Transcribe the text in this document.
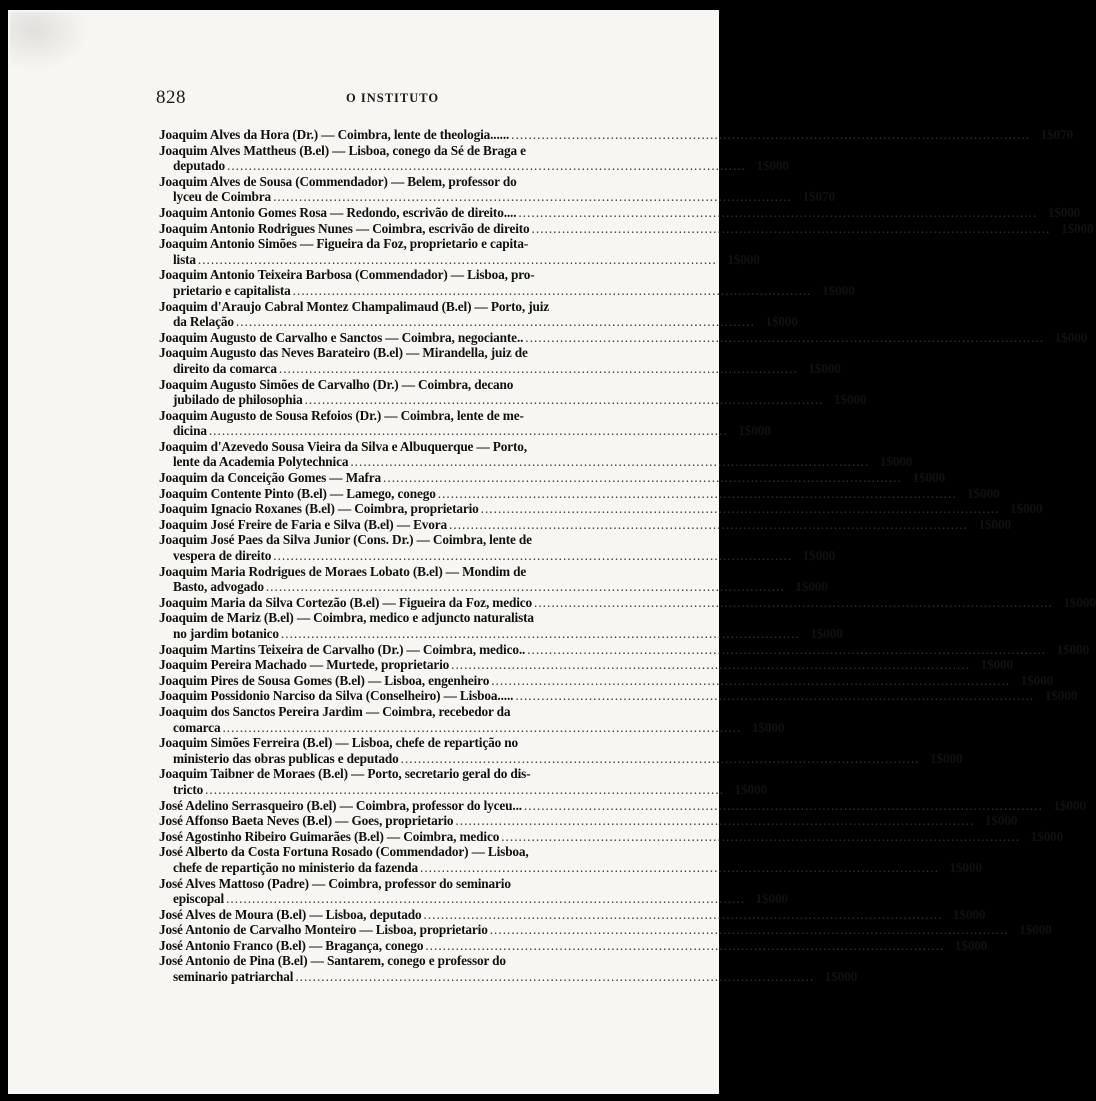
828	O INSTITUTO
Joaquim Alves da Hora (Dr.) — Coimbra, lente de theologia...... ........................................................................................................................ 1$070
Joaquim Alves Mattheus (B.el) — Lisboa, conego da Sé de Braga e
deputado ........................................................................................................................ 1$000
Joaquim Alves de Sousa (Commendador) — Belem, professor do
lyceu de Coimbra ........................................................................................................................ 1$070
Joaquim Antonio Gomes Rosa — Redondo, escrivão de direito.... ........................................................................................................................ 1$000
Joaquim Antonio Rodrigues Nunes — Coimbra, escrivão de direito ........................................................................................................................ 1$000
Joaquim Antonio Simões — Figueira da Foz, proprietario e capita-
lista ........................................................................................................................ 1$000
Joaquim Antonio Teixeira Barbosa (Commendador) — Lisboa, pro-
prietario e capitalista ........................................................................................................................ 1$000
Joaquim d'Araujo Cabral Montez Champalimaud (B.el) — Porto, juiz
da Relação ........................................................................................................................ 1$000
Joaquim Augusto de Carvalho e Sanctos — Coimbra, negociante.. ........................................................................................................................ 1$000
Joaquim Augusto das Neves Barateiro (B.el) — Mirandella, juiz de
direito da comarca ........................................................................................................................ 1$000
Joaquim Augusto Simões de Carvalho (Dr.) — Coimbra, decano
jubilado de philosophia ........................................................................................................................ 1$000
Joaquim Augusto de Sousa Refoios (Dr.) — Coimbra, lente de me-
dicina ........................................................................................................................ 1$000
Joaquim d'Azevedo Sousa Vieira da Silva e Albuquerque — Porto,
lente da Academia Polytechnica ........................................................................................................................ 1$000
Joaquim da Conceição Gomes — Mafra ........................................................................................................................ 1$000
Joaquim Contente Pinto (B.el) — Lamego, conego ........................................................................................................................ 1$000
Joaquim Ignacio Roxanes (B.el) — Coimbra, proprietario ........................................................................................................................ 1$000
Joaquim José Freire de Faria e Silva (B.el) — Evora ........................................................................................................................ 1$000
Joaquim José Paes da Silva Junior (Cons. Dr.) — Coimbra, lente de
vespera de direito ........................................................................................................................ 1$000
Joaquim Maria Rodrigues de Moraes Lobato (B.el) — Mondim de
Basto, advogado ........................................................................................................................ 1$000
Joaquim Maria da Silva Cortezão (B.el) — Figueira da Foz, medico ........................................................................................................................ 1$000
Joaquim de Mariz (B.el) — Coimbra, medico e adjuncto naturalista
no jardim botanico ........................................................................................................................ 1$000
Joaquim Martins Teixeira de Carvalho (Dr.) — Coimbra, medico.. ........................................................................................................................ 1$000
Joaquim Pereira Machado — Murtede, proprietario ........................................................................................................................ 1$000
Joaquim Pires de Sousa Gomes (B.el) — Lisboa, engenheiro ........................................................................................................................ 1$000
Joaquim Possidonio Narciso da Silva (Conselheiro) — Lisboa..... ........................................................................................................................ 1$000
Joaquim dos Sanctos Pereira Jardim — Coimbra, recebedor da
comarca ........................................................................................................................ 1$000
Joaquim Simões Ferreira (B.el) — Lisboa, chefe de repartição no
ministerio das obras publicas e deputado ........................................................................................................................ 1$000
Joaquim Taibner de Moraes (B.el) — Porto, secretario geral do dis-
tricto ........................................................................................................................ 1$000
José Adelino Serrasqueiro (B.el) — Coimbra, professor do lyceu... ........................................................................................................................ 1$000
José Affonso Baeta Neves (B.el) — Goes, proprietario ........................................................................................................................ 1$000
José Agostinho Ribeiro Guimarães (B.el) — Coimbra, medico ........................................................................................................................ 1$000
José Alberto da Costa Fortuna Rosado (Commendador) — Lisboa,
chefe de repartição no ministerio da fazenda ........................................................................................................................ 1$000
José Alves Mattoso (Padre) — Coimbra, professor do seminario
episcopal ........................................................................................................................ 1$000
José Alves de Moura (B.el) — Lisboa, deputado ........................................................................................................................ 1$000
José Antonio de Carvalho Monteiro — Lisboa, proprietario ........................................................................................................................ 1$000
José Antonio Franco (B.el) — Bragança, conego ........................................................................................................................ 1$000
José Antonio de Pina (B.el) — Santarem, conego e professor do
seminario patriarchal ........................................................................................................................ 1$000
